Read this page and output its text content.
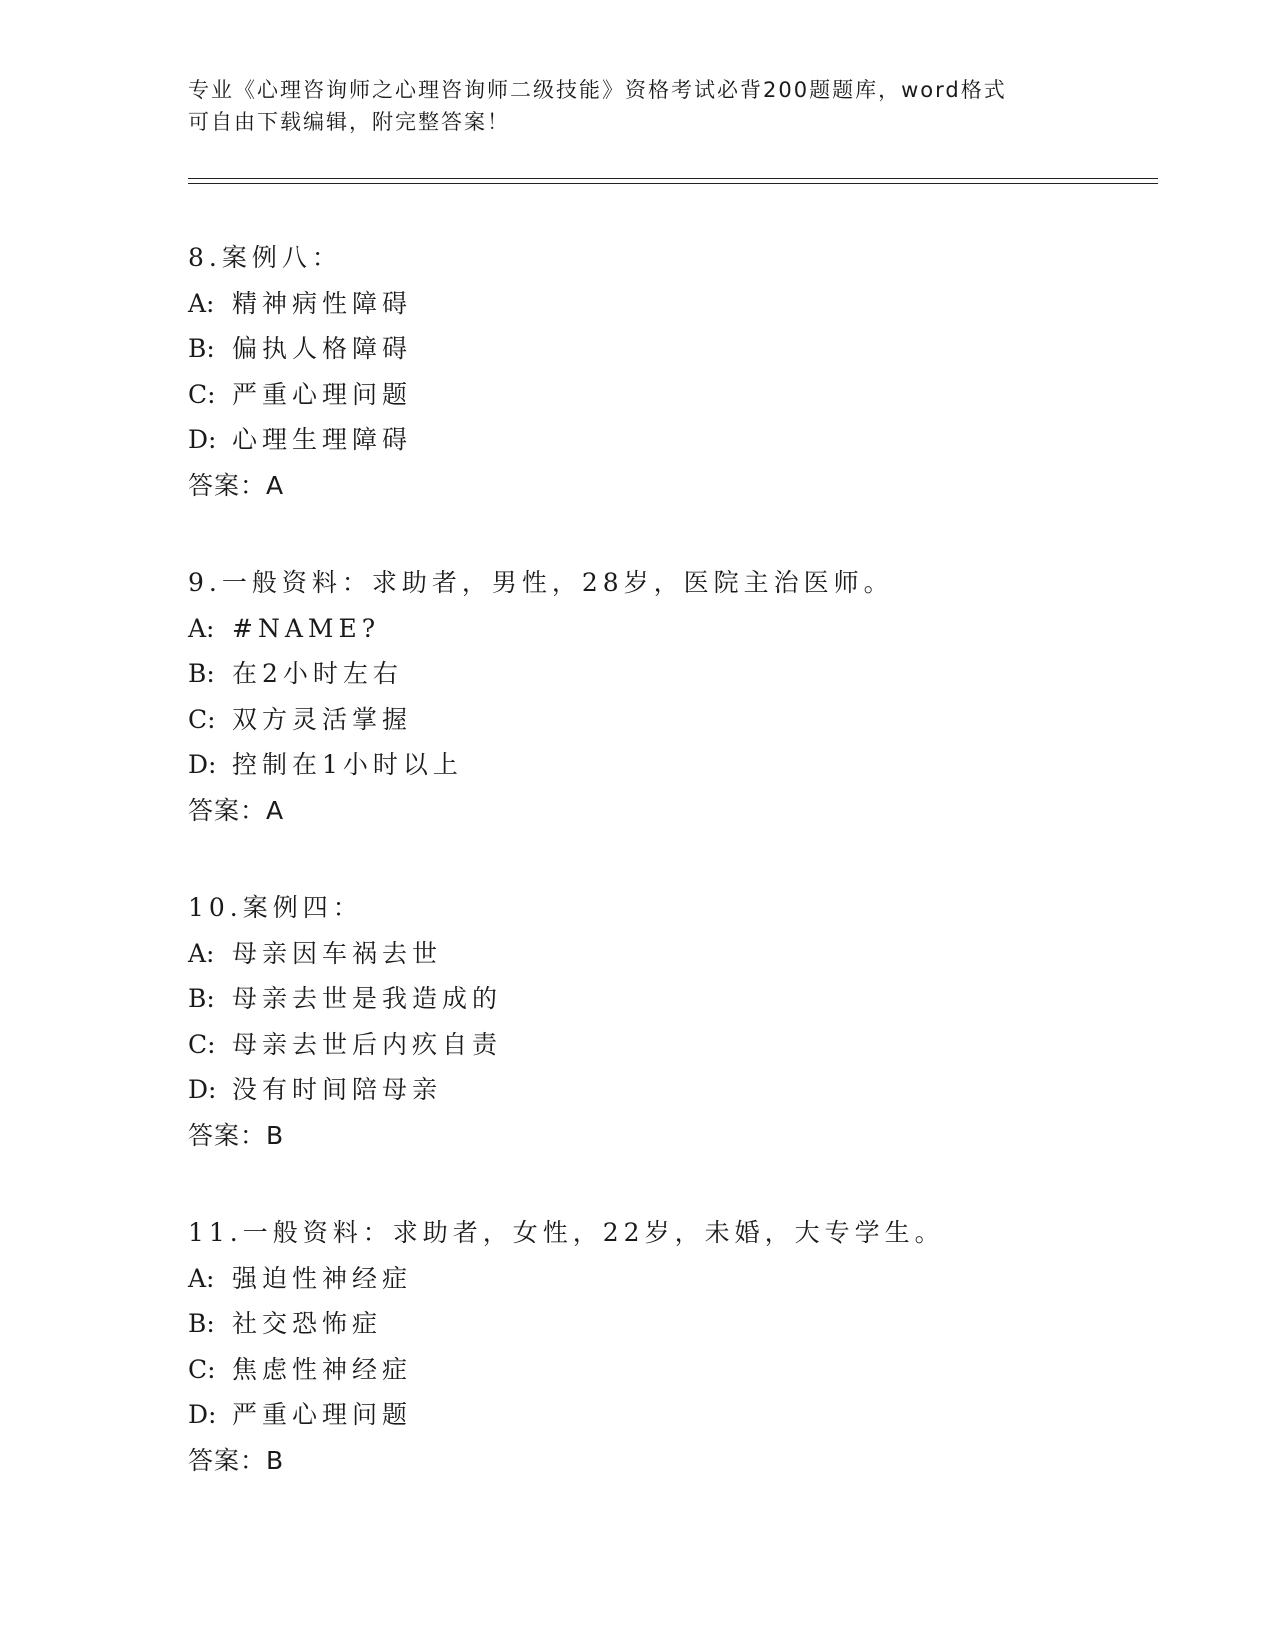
专业《心理咨询师之心理咨询师二级技能》资格考试必背200题题库，word格式
可自由下载编辑，附完整答案！
8.案例八：
A: 精神病性障碍
B: 偏执人格障碍
C: 严重心理问题
D: 心理生理障碍
答案：A
9.一般资料：求助者，男性，28岁，医院主治医师。
A: #NAME?
B: 在2小时左右
C: 双方灵活掌握
D: 控制在1小时以上
答案：A
10.案例四：
A: 母亲因车祸去世
B: 母亲去世是我造成的
C: 母亲去世后内疚自责
D: 没有时间陪母亲
答案：B
11.一般资料：求助者，女性，22岁，未婚，大专学生。
A: 强迫性神经症
B: 社交恐怖症
C: 焦虑性神经症
D: 严重心理问题
答案：B
